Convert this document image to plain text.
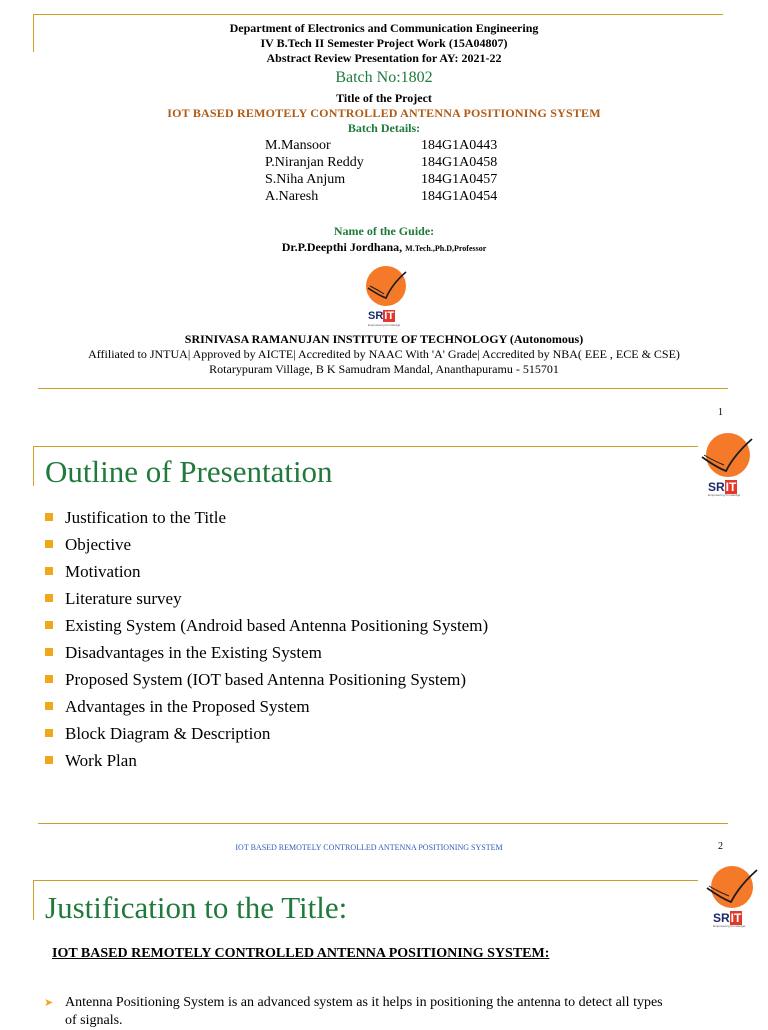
Department of Electronics and Communication Engineering
IV B.Tech II Semester Project Work (15A04807)
Abstract Review Presentation for AY: 2021-22
Batch No:1802
Title of the Project
IOT BASED REMOTELY CONTROLLED ANTENNA POSITIONING SYSTEM
Batch Details:
M.Mansoor	184G1A0443
P.Niranjan Reddy	184G1A0458
S.Niha Anjum	184G1A0457
A.Naresh	184G1A0454
Name of the Guide:
Dr.P.Deepthi Jordhana, M.Tech.,Ph.D,Professor
SRIT
Empowering Knowledge
SRINIVASA RAMANUJAN INSTITUTE OF TECHNOLOGY (Autonomous)
Affiliated to JNTUA| Approved by AICTE| Accredited by NAAC With 'A' Grade| Accredited by NBA( EEE , ECE & CSE)
Rotarypuram Village, B K Samudram Mandal, Ananthapuramu - 515701
1
Outline of Presentation	SRIT
Empowering Knowledge
Justification to the Title
Objective
Motivation
Literature survey
Existing System (Android based Antenna Positioning System)
Disadvantages in the Existing System
Proposed System (IOT based Antenna Positioning System)
Advantages in the Proposed System
Block Diagram & Description
Work Plan
IOT BASED REMOTELY CONTROLLED ANTENNA POSITIONING SYSTEM	2
Justification to the Title:	SRIT
Empowering Knowledge
IOT BASED REMOTELY CONTROLLED ANTENNA POSITIONING SYSTEM:
➤ Antenna Positioning System is an advanced system as it helps in positioning the antenna to detect all types of signals.
